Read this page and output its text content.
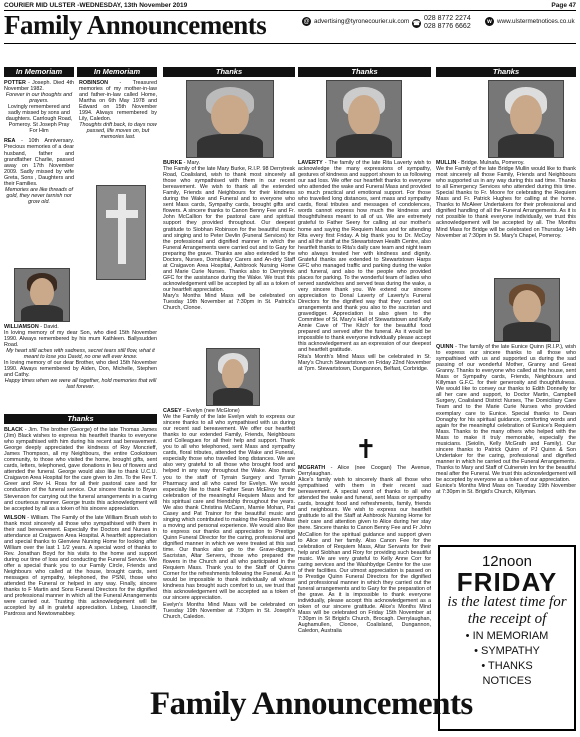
COURIER MID ULSTER -WEDNESDAY, 13th November 2019	Page 47
Family Announcements	@ advertising@tyronecourier.uk.com ☎
028 8772 2274
028 8776 6662
w www.ulstermetnotices.co.uk
In Memoriam	In Memoriam	Thanks	Thanks	Thanks

POTTER - Joseph. Died 4th November 1982.

Forever in our thoughts and prayers.

Lovingly remembered and sadly missed by sons and daughters. Carrlough Road, Pomeroy. St Joseph Pray For Him

REA - 10th Anniversary. Precious memories of a dear husband, father and grandfather Charlie, passed away on 17th November 2009. Sadly missed by wife Greta, Sons , Daughters and their Families.

Memories are like threads of gold, they never tarnish nor grow old.

WILLIAMSON - David.

In loving memory of my dear Son, who died 15th November 1990. Always remembered by his mum Kathleen. Ballysudden Road.

My heart still aches with sadness, secret tears still flow, what it meant to lose you David, no one will ever know.

In loving memory of our dear Brother, who died 15th November 1990. Always remembered by Aiden, Don, Michelle, Stephen and Cathy.

Happy times when we were all together, hold memories that will last forever.

Thanks

BLACK - Jim. The brother (George) of the late Thomas James (Jim) Black wishes to express his heartfelt thanks to everyone who sympathised with him during his recent sad bereavement. George deeply appreciated the kindness of Roy Moncrieff, James Thompson, all my Neighbours, the entire Cookstown community, to those who visited the home, brought gifts, sent cards, letters, telephoned, gave donations in lieu of flowers and attended the funeral. George would also like to thank U.C.U. Craigavon Area Hospital for the care given to Jim. To the Rev T. Greer and Rev H. Ross for all their pastoral care and for conduction of the funeral service. Our sincere thanks to Bryan Stevenson for carrying out the funeral arrangements in a caring and courteous manner. George trusts this acknowledgment will be accepted by all as a token of his sincere appreciation.

WILSON - William. The Family of the late William Brush wish to thank most sincerely all those who sympathised with them in their sad bereavement. Especially the Doctors and Nurses in attendance at Craigavon Area Hospital. A heartfelt appreciation and special thanks to Glenview Nursing Home for looking after William over the last 1 1/2 years. A special word of thanks to Rev. Jonathan Boyd for his visits to the home and support during our time of loss and conducting the Funeral Service. We offer a special thank you to our Family Circle, Friends and Neighbours who called at the house, brought cards, sent messages of sympathy, telephoned, the PSNI, those who attended the Funeral or helped in any way. Finally, sincere thanks to F Martin and Sons Funeral Directors for the dignified and professional manner in which all the Funeral Arrangements were carried out. Trusting this acknowledgement will be accepted by all in grateful appreciation. Lisbeg, Lissoncliff, Pardross and Newtownabbey.

ROBINSON - Treasured memories of my mother-in-law and father-in-law called Home, Martha on 6th May 1978 and Edward on 15th November 1994. Always remembered by Lily, Caledon.

Thoughts drift back, to days now passed, life moves on, but memories last.

BURKE - Mary.

The Family of the late Mary Burke, R.I.P. 98 Derrytresk Road, Coalisland, wish to thank most sincerely all those who sympathised with them in our recent bereavement. We wish to thank all the extended Family, Friends and Neighbours for their kindness during the Wake and Funeral and to everyone who sent Mass cards, Sympathy cards, brought gifts and flowers. A sincere thanks to Canon Benny Fee and Fr. John McCallion for the pastoral care and spiritual support they provided throughout. Our deepest gratitude to Siobhan Robinson for the beautiful music and singing and to Peter Devlin (Funeral Services) for the professional and dignified manner in which the Funeral Arrangements were carried out and to Gary for preparing the grave. Thanks are also extended to the Doctors, Nurses, Domiciliary Carers and An-driy Staff at Craigavon Area Hospital, Ashbrook Nursing Home and Marie Curie Nurses. Thanks also to Derrytresk GFC for the assistance during the Wake. We trust this acknowledgement will be accepted by all as a token of our heartfelt appreciation.

Mary's Months Mind Mass will be celebrated on Tuesday 19th November at 7:30pm in St. Patrick's Church, Clonoe.

CASEY - Evelyn (nee McGlone)

We the Family of the late Evelyn wish to express our sincere thanks to all who sympathised with us during our recent sad bereavement. We offer our heartfelt thanks to our extended Family, Friends, Neighbours and Colleagues for all their help and support. Thank you to all who telephoned, sent Mass and sympathy cards, floral tributes, attended the Wake and Funeral, especially those who travelled long distances. We are also very grateful to all those who brought food and helped in any way throughout the Wake. Also thank you to the staff of Tyrrain Surgery and Tyrrain Pharmacy and all who cared for Evelyn. We would especially like to thank Father Sean McElroy for the celebration of the meaningful Requiem Mass and for his spiritual care and friendship throughout the years. We also thank Christina McCann, Marnie Mohan, Pat Casey and Pat Trainor for the beautiful music and singing which contributed to making the Requiem Mass a moving and personal experience. We would also like to express our thanks and appreciation to Prestige Quinn Funeral Director for the caring, professional and dignified manner in which we were treated at this sad time. Our thanks also go to the Grave-diggers, Sacristan, Altar Servers, those who prepared the flowers in the Church and all who participated in the Requiem Mass. Thank you to the Staff of Quinns Corner for the refreshments following the Funeral. As it would be impossible to thank individually all whose kindness has brought such comfort to us, we trust that this acknowledgement will be accepted as a token of our sincere appreciation.

Evelyn's Months Mind Mass will be celebrated on Tuesday 19th November at 7:30pm in St. Joseph's Church, Caledon.

LAVERTY - The family of the late Rita Laverty wish to acknowledge the many expressions of sympathy, gestures of kindness and support shown to us following our sad loss. We offer our heartfelt thanks to everyone who attended the wake and Funeral Mass and provided so much practical and emotional support. For those who travelled long distances, sent mass and sympathy cards, floral tributes and messages of condolences, words cannot express how much the kindness and thoughtfulness meant to all of us. We are extremely grateful to Father Seery for calling at our mother's home and saying the Requiem Mass and for attending Rita every first Friday. A big thank you to Dr. McCoy and all the staff at the Stewartstown Health Centre, also heartfelt thanks to Rita's daily care team and night team who always treated her with kindness and dignity. Grateful thanks are extended to Stewartstown Harps GFC who managed traffic and parking during the wake and funeral, and also to the people who provided places for parking. To the wonderful team of ladies who served sandwiches and served teas during the wake, a very sincere thank you. We extend our sincere appreciation to Donal Laverty of Laverty's Funeral Directors for the dignified way that they carried out arrangements and thank you also to the sacristan and gravedigger. Appreciation is also given to the Committee of St. Mary's Hall of Stewartstown and Kelly Annie Cave of 'The Kitch' for the beautiful food prepared and served after the funeral. As it would be impossible to thank everyone individually please accept this acknowledgement as an expression of our deepest and heartfelt gratitude.

Rita's Month's Mind Mass will be celebrated in St. Mary's Church Stewartstown on Friday 22nd November at 7pm. Stewartstown, Dungannon, Belfast, Corbridge.

✝

MCGRATH - Alice (nee Coogan) The Avenue, Derrylaughan.

Alice's family wish to sincerely thank all those who sympathised with them in their recent sad bereavement. A special word of thanks to all who attended the wake and funeral, sent Mass or sympathy cards, brought food and refreshments, family, friends and neighbours. We wish to express our heartfelt gratitude to all the Staff at Ashbrook Nursing Home for their care and attention given to Alice during her stay there. Sincere thanks to Canon Benny Fee and Fr John McCallion for the spiritual guidance and support given to Alice and her family. Also Canon Fee for the celebration of Requiem Mass, Altar Servants for their help and Siobhan and Rory for providing such beautiful music. We are very grateful to Kelly Anne Corr for caring services and the Washbydge Centre for the use of their facilities. Our utmost appreciation is passed on to Prestige Quinn Funeral Directors for the dignified and professional manner in which they carried out the funeral arrangements and to Gary for the preparation of the grave. As it is impossible to thank everyone individually, please accept this acknowledgement as a token of our sincere gratitude. Alice's Months Mind Mass will be celebrated on Friday 15th November at 7:30pm in St Brigid's Church, Brocagh. Derrylaughan, Aughamullen, Clonoe, Coalisland, Dungannon, Caledon, Australia

MULLIN - Bridge. Mulnafa, Pomeroy.

We the Family of the late Bridge Mullin would like to thank most sincerely all those Family, Friends and Neighbours who supported us in any way during this sad time. Thanks to all Emergency Services who attended during this time. Special thanks to Fr. Moore for celebrating the Requiem Mass and Fr. Patrick Hughes for calling at the home. Thanks to McAleer Undertakers for their professional and dignified handling of all the Funeral Arrangements. As it is not possible to thank everyone individually, we trust this acknowledgement will be accepted by all. The Months Mind Mass for Bridge will be celebrated on Thursday 14th November at 7:30pm in St. Mary's Chapel, Pomeroy.

QUINN - The family of the late Eunice Quinn (R.I.P.), wish to express our sincere thanks to all those who sympathised with us and supported us during the sad passing of our wonderful Mother, Granny and Great Granny. Thanks to everyone who called at the house, sent Mass or Sympathy cards, Friends, Neighbours and Killyman G.F.C. for their generosity and thoughtfulness. We would like to convey our thanks to Edith Donnelly for all her care and support, to Doctor Martin, Campbell Surgery, Coalisland District Nurses, The Domiciliary Care Team and to the Marie Curie Nurses who provided exemplary care to Eunice. Special thanks to Dean Donaghy for his spiritual guidance, comforting words and again for the meaningful celebration of Eunice's Requiem Mass. Thanks to the many others who helped with the Mass to make it truly memorable, especially the musicians. (Seiolin, Kelly McGrath and Family). Our sincere thanks to Patrick Quinn of PJ Quinn & Son Undertaker for the caring, professional and dignified manner in which he carried out the Funeral Arrangements. Thanks to Mary and Staff of Culnerwin Inn for the beautiful meal after the Funeral. We trust this acknowledgement will be accepted by everyone as a token of our appreciation.

Eunice's Months Mind Mass on Tuesday 19th November at 7:30pm in St. Brigid's Church, Killyman.

12noon
FRIDAY
is the latest time for the receipt of
• IN MEMORIAM
• SYMPATHY
• THANKS
NOTICES
Family Announcements
